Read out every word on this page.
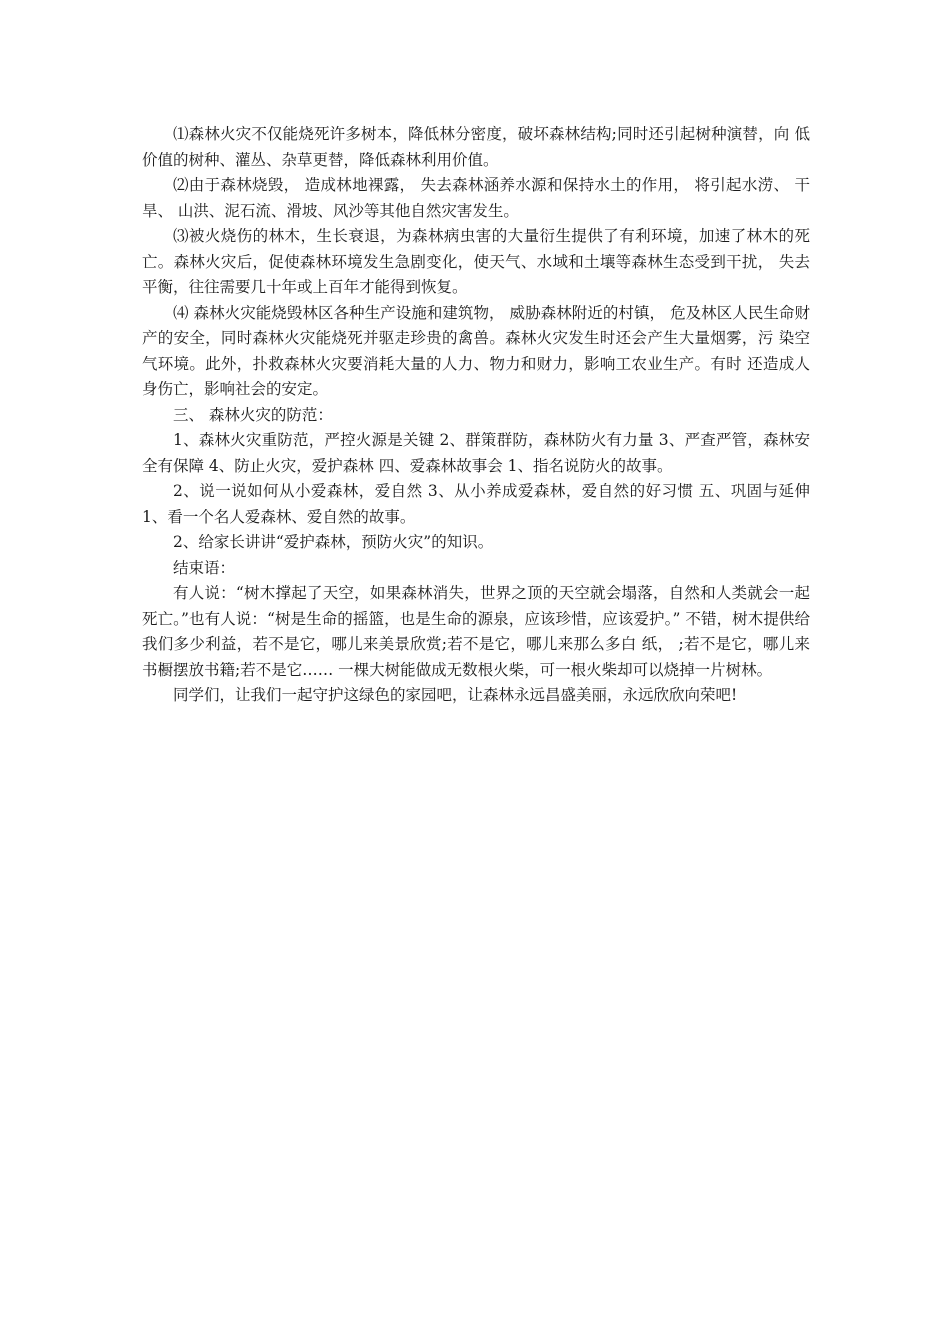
⑴森林火灾不仅能烧死许多树本，降低林分密度，破坏森林结构;同时还引起树种演替，向 低价值的树种、灌丛、杂草更替，降低森林利用价值。

⑵由于森林烧毁， 造成林地裸露， 失去森林涵养水源和保持水土的作用， 将引起水涝、 干旱、 山洪、泥石流、滑坡、风沙等其他自然灾害发生。

⑶被火烧伤的林木，生长衰退，为森林病虫害的大量衍生提供了有利环境，加速了林木的死 亡。森林火灾后，促使森林环境发生急剧变化，使天气、水域和土壤等森林生态受到干扰， 失去平衡，往往需要几十年或上百年才能得到恢复。

⑷ 森林火灾能烧毁林区各种生产设施和建筑物， 威胁森林附近的村镇， 危及林区人民生命财 产的安全，同时森林火灾能烧死并驱走珍贵的禽兽。森林火灾发生时还会产生大量烟雾，污 染空气环境。此外，扑救森林火灾要消耗大量的人力、物力和财力，影响工农业生产。有时 还造成人身伤亡，影响社会的安定。

三、 森林火灾的防范：

1、森林火灾重防范，严控火源是关键 2、群策群防，森林防火有力量 3、严查严管，森林安全有保障 4、防止火灾，爱护森林 四、爱森林故事会 1、指名说防火的故事。

2、说一说如何从小爱森林，爱自然 3、从小养成爱森林，爱自然的好习惯 五、巩固与延伸 1、看一个名人爱森林、爱自然的故事。

2、给家长讲讲“爱护森林，预防火灾”的知识。

结束语：

有人说：“树木撑起了天空，如果森林消失，世界之顶的天空就会塌落，自然和人类就会一起死亡。”也有人说：“树是生命的摇篮，也是生命的源泉，应该珍惜，应该爱护。” 不错，树木提供给我们多少利益，若不是它，哪儿来美景欣赏;若不是它，哪儿来那么多白 纸， ;若不是它，哪儿来书橱摆放书籍;若不是它…… 一棵大树能做成无数根火柴，可一根火柴却可以烧掉一片树林。

同学们，让我们一起守护这绿色的家园吧，让森林永远昌盛美丽，永远欣欣向荣吧!
